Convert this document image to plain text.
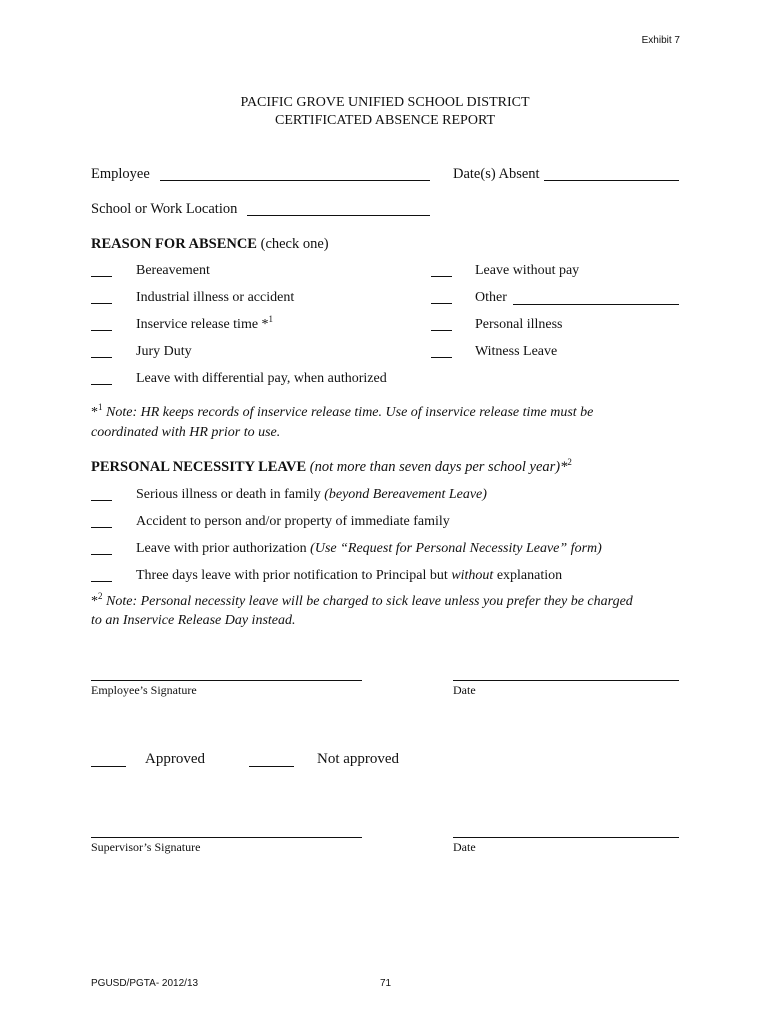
Exhibit 7
PACIFIC GROVE UNIFIED SCHOOL DISTRICT
CERTIFICATED ABSENCE REPORT
Employee	Date(s) Absent
School or Work Location
REASON FOR ABSENCE (check one)
Bereavement
Industrial illness or accident
Inservice release time *$^1$
Jury Duty
Leave with differential pay, when authorized
Leave without pay
Other
Personal illness
Witness Leave
*$^1$ Note: HR keeps records of inservice release time. Use of inservice release time must be
coordinated with HR prior to use.
PERSONAL NECESSITY LEAVE (not more than seven days per school year)*$^2$
Serious illness or death in family (beyond Bereavement Leave)
Accident to person and/or property of immediate family
Leave with prior authorization (Use “Request for Personal Necessity Leave” form)
Three days leave with prior notification to Principal but without explanation
*$^2$ Note: Personal necessity leave will be charged to sick leave unless you prefer they be charged
to an Inservice Release Day instead.
Employee’s Signature	Date
Approved	Not approved
Supervisor’s Signature	Date
PGUSD/PGTA- 2012/13	71
